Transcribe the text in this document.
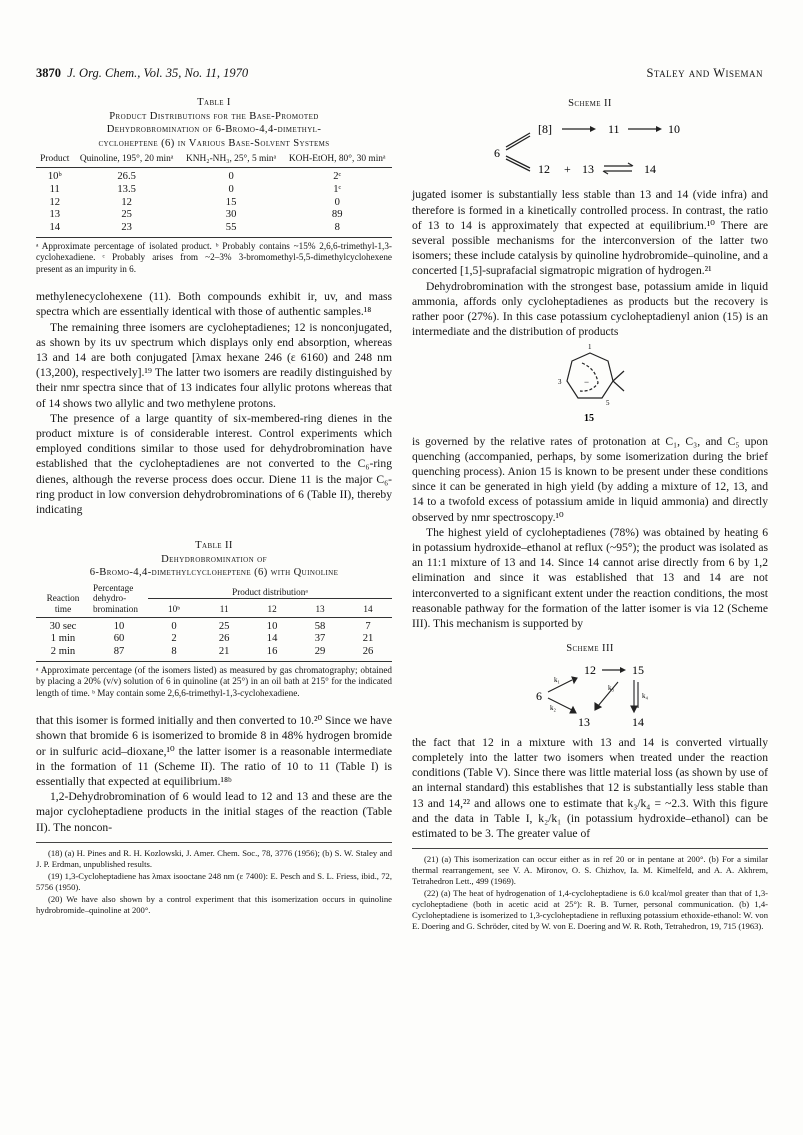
3870 J. Org. Chem., Vol. 35, No. 11, 1970	Staley and Wiseman
Table I
Product Distributions for the Base-Promoted
Dehydrobromination of 6-Bromo-4,4-dimethyl-
cycloheptene (6) in Various Base-Solvent Systems
Product	Quinoline, 195°, 20 minᵃ	KNH₂-NH₃, 25°, 5 minᵃ	KOH-EtOH, 80°, 30 minᵃ
10ᵇ	26.5	0	2ᶜ
11	13.5	0	1ᶜ
12	12	15	0
13	25	30	89
14	23	55	8
ᵃ Approximate percentage of isolated product. ᵇ Probably contains ~15% 2,6,6-trimethyl-1,3-cyclohexadiene. ᶜ Probably arises from ~2–3% 3-bromomethyl-5,5-dimethylcyclohexene present as an impurity in 6.

methylenecyclohexene (11). Both compounds exhibit ir, uv, and mass spectra which are essentially identical with those of authentic samples.¹⁸

The remaining three isomers are cycloheptadienes; 12 is nonconjugated, as shown by its uv spectrum which displays only end absorption, whereas 13 and 14 are both conjugated [λmax hexane 246 (ε 6160) and 248 nm (13,200), respectively].¹⁹ The latter two isomers are readily distinguished by their nmr spectra since that of 13 indicates four allylic protons whereas that of 14 shows two allylic and two methylene protons.

The presence of a large quantity of six-membered-ring dienes in the product mixture is of considerable interest. Control experiments which employed conditions similar to those used for dehydrobromination have established that the cycloheptadienes are not converted to the C₆-ring dienes, although the reverse process does occur. Diene 11 is the major C₆-ring product in low conversion dehydrobrominations of 6 (Table II), thereby indicating

Table II
Dehydrobromination of
6-Bromo-4,4-dimethylcycloheptene (6) with Quinoline
Reaction time	Percentage dehydro-bromination	Product distributionᵃ				
		10ᵇ	11	12	13	14
30 sec	10	0	25	10	58	7
1 min	60	2	26	14	37	21
2 min	87	8	21	16	29	26
ᵃ Approximate percentage (of the isomers listed) as measured by gas chromatography; obtained by placing a 20% (v/v) solution of 6 in quinoline (at 25°) in an oil bath at 215° for the indicated length of time. ᵇ May contain some 2,6,6-trimethyl-1,3-cyclohexadiene.

that this isomer is formed initially and then converted to 10.²⁰ Since we have shown that bromide 6 is isomerized to bromide 8 in 48% hydrogen bromide or in sulfuric acid–dioxane,¹⁰ the latter isomer is a reasonable intermediate in the formation of 11 (Scheme II). The ratio of 10 to 11 (Table I) is essentially that expected at equilibrium.¹⁸ᵇ

1,2-Dehydrobromination of 6 would lead to 12 and 13 and these are the major cycloheptadiene products in the initial stages of the reaction (Table II). The noncon-

(18) (a) H. Pines and R. H. Kozlowski, J. Amer. Chem. Soc., 78, 3776 (1956); (b) S. W. Staley and J. P. Erdman, unpublished results.

(19) 1,3-Cycloheptadiene has λmax isooctane 248 nm (ε 7400): E. Pesch and S. L. Friess, ibid., 72, 5756 (1950).

(20) We have also shown by a control experiment that this isomerization occurs in quinoline hydrobromide–quinoline at 200°.

Scheme II
6
[8]	11	10
12 + 13	14

jugated isomer is substantially less stable than 13 and 14 (vide infra) and therefore is formed in a kinetically controlled process. In contrast, the ratio of 13 to 14 is approximately that expected at equilibrium.¹⁰ There are several possible mechanisms for the interconversion of the latter two isomers; these include catalysis by quinoline hydrobromide–quinoline, and a concerted [1,5]-suprafacial sigmatropic migration of hydrogen.²¹

Dehydrobromination with the strongest base, potassium amide in liquid ammonia, affords only cycloheptadienes as products but the recovery is rather poor (27%). In this case potassium cycloheptadienyl anion (15) is an intermediate and the distribution of products

−
1
3
5
15

is governed by the relative rates of protonation at C₁, C₃, and C₅ upon quenching (accompanied, perhaps, by some isomerization during the brief quenching process). Anion 15 is known to be present under these conditions since it can be generated in high yield (by adding a mixture of 12, 13, and 14 to a twofold excess of potassium amide in liquid ammonia) and directly observed by nmr spectroscopy.¹⁰

The highest yield of cycloheptadienes (78%) was obtained by heating 6 in potassium hydroxide–ethanol at reflux (~95°); the product was isolated as an 11:1 mixture of 13 and 14. Since 14 cannot arise directly from 6 by 1,2 elimination and since it was established that 13 and 14 are not interconverted to a significant extent under the reaction conditions, the most reasonable pathway for the formation of the latter isomer is via 12 (Scheme III). This mechanism is supported by

Scheme III
6
12	15
13	14
k₁
k₂
k₃
k₄

the fact that 12 in a mixture with 13 and 14 is converted virtually completely into the latter two isomers when treated under the reaction conditions (Table V). Since there was little material loss (as shown by use of an internal standard) this establishes that 12 is substantially less stable than 13 and 14,²² and allows one to estimate that k₃/k₄ = ~2.3. With this figure and the data in Table I, k₂/k₁ (in potassium hydroxide–ethanol) can be estimated to be 3. The greater value of

(21) (a) This isomerization can occur either as in ref 20 or in pentane at 200°. (b) For a similar thermal rearrangement, see V. A. Mironov, O. S. Chizhov, Ia. M. Kimelfeld, and A. A. Akhrem, Tetrahedron Lett., 499 (1969).

(22) (a) The heat of hydrogenation of 1,4-cycloheptadiene is 6.0 kcal/mol greater than that of 1,3-cycloheptadiene (both in acetic acid at 25°): R. B. Turner, personal communication. (b) 1,4-Cycloheptadiene is isomerized to 1,3-cycloheptadiene in refluxing potassium ethoxide-ethanol: W. von E. Doering and G. Schröder, cited by W. von E. Doering and W. R. Roth, Tetrahedron, 19, 715 (1963).
